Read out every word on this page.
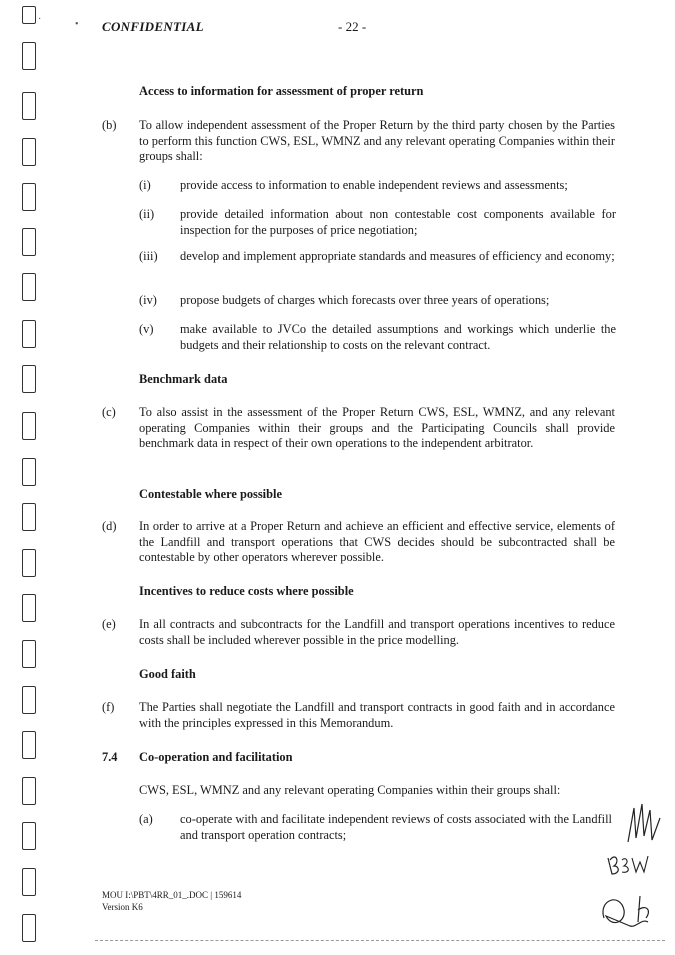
·	• CONFIDENTIAL	- 22 -
Access to information for assessment of proper return
(b) To allow independent assessment of the Proper Return by the third party chosen by the Parties to perform this function CWS, ESL, WMNZ and any relevant operating Companies within their groups shall:
(i) provide access to information to enable independent reviews and assessments;
(ii) provide detailed information about non contestable cost components available for inspection for the purposes of price negotiation;
(iii) develop and implement appropriate standards and measures of efficiency and economy;
(iv) propose budgets of charges which forecasts over three years of operations;
(v) make available to JVCo the detailed assumptions and workings which underlie the budgets and their relationship to costs on the relevant contract.
Benchmark data
(c) To also assist in the assessment of the Proper Return CWS, ESL, WMNZ, and any relevant operating Companies within their groups and the Participating Councils shall provide benchmark data in respect of their own operations to the independent arbitrator.
Contestable where possible
(d) In order to arrive at a Proper Return and achieve an efficient and effective service, elements of the Landfill and transport operations that CWS decides should be subcontracted shall be contestable by other operators wherever possible.
Incentives to reduce costs where possible
(e) In all contracts and subcontracts for the Landfill and transport operations incentives to reduce costs shall be included wherever possible in the price modelling.
Good faith
(f) The Parties shall negotiate the Landfill and transport contracts in good faith and in accordance with the principles expressed in this Memorandum.
7.4 Co-operation and facilitation
CWS, ESL, WMNZ and any relevant operating Companies within their groups shall:
(a) co-operate with and facilitate independent reviews of costs associated with the Landfill and transport operation contracts;
MOU I:\PBT\4RR_01_.DOC | 159614
Version K6
